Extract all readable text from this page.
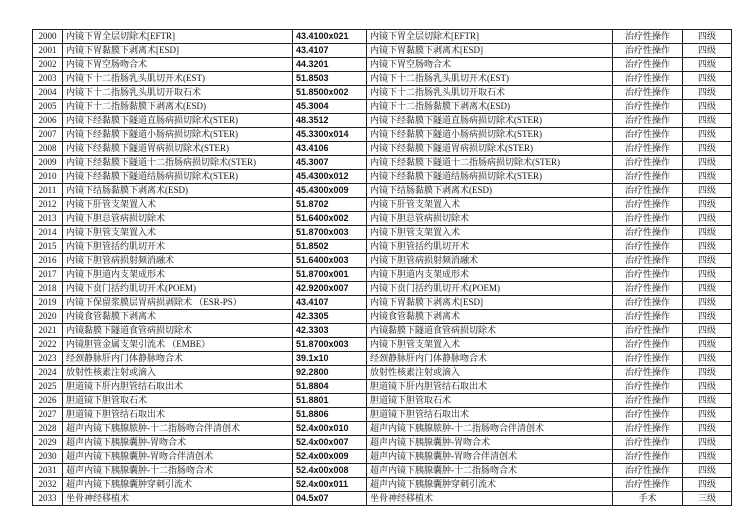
2000	内镜下胃全层切除术[EFTR]	43.4100x021	内镜下胃全层切除术[EFTR]	治疗性操作	四级
2001	内镜下胃黏膜下剥离术[ESD]	43.4107	内镜下胃黏膜下剥离术[ESD]	治疗性操作	四级
2002	内镜下胃空肠吻合术	44.3201	内镜下胃空肠吻合术	治疗性操作	四级
2003	内镜下十二指肠乳头肌切开术(EST)	51.8503	内镜下十二指肠乳头肌切开术(EST)	治疗性操作	四级
2004	内镜下十二指肠乳头肌切开取石术	51.8500x002	内镜下十二指肠乳头肌切开取石术	治疗性操作	四级
2005	内镜下十二指肠黏膜下剥离术(ESD)	45.3004	内镜下十二指肠黏膜下剥离术(ESD)	治疗性操作	四级
2006	内镜下经黏膜下隧道直肠病损切除术(STER)	48.3512	内镜下经黏膜下隧道直肠病损切除术(STER)	治疗性操作	四级
2007	内镜下经黏膜下隧道小肠病损切除术(STER)	45.3300x014	内镜下经黏膜下隧道小肠病损切除术(STER)	治疗性操作	四级
2008	内镜下经黏膜下隧道胃病损切除术(STER)	43.4106	内镜下经黏膜下隧道胃病损切除术(STER)	治疗性操作	四级
2009	内镜下经黏膜下隧道十二指肠病损切除术(STER)	45.3007	内镜下经黏膜下隧道十二指肠病损切除术(STER)	治疗性操作	四级
2010	内镜下经黏膜下隧道结肠病损切除术(STER)	45.4300x012	内镜下经黏膜下隧道结肠病损切除术(STER)	治疗性操作	四级
2011	内镜下结肠黏膜下剥离术(ESD)	45.4300x009	内镜下结肠黏膜下剥离术(ESD)	治疗性操作	四级
2012	内镜下肝管支架置入术	51.8702	内镜下肝管支架置入术	治疗性操作	四级
2013	内镜下胆总管病损切除术	51.6400x002	内镜下胆总管病损切除术	治疗性操作	四级
2014	内镜下胆管支架置入术	51.8700x003	内镜下胆管支架置入术	治疗性操作	四级
2015	内镜下胆管括约肌切开术	51.8502	内镜下胆管括约肌切开术	治疗性操作	四级
2016	内镜下胆管病损射频消融术	51.6400x003	内镜下胆管病损射频消融术	治疗性操作	四级
2017	内镜下胆道内支架成形术	51.8700x001	内镜下胆道内支架成形术	治疗性操作	四级
2018	内镜下贲门括约肌切开术(POEM)	42.9200x007	内镜下贲门括约肌切开术(POEM)	治疗性操作	四级
2019	内镜下保留浆膜层胃病损剥除术 （ESR-PS）	43.4107	内镜下胃黏膜下剥离术[ESD]	治疗性操作	四级
2020	内镜食管黏膜下剥离术	42.3305	内镜食管黏膜下剥离术	治疗性操作	四级
2021	内镜黏膜下隧道食管病损切除术	42.3303	内镜黏膜下隧道食管病损切除术	治疗性操作	四级
2022	内镜胆管金属支架引流术 （EMBE）	51.8700x003	内镜下胆管支架置入术	治疗性操作	四级
2023	经颈静脉肝内门体静脉吻合术	39.1x10	经颈静脉肝内门体静脉吻合术	治疗性操作	四级
2024	放射性核素注射或滴入	92.2800	放射性核素注射或滴入	治疗性操作	四级
2025	胆道镜下肝内胆管结石取出术	51.8804	胆道镜下肝内胆管结石取出术	治疗性操作	四级
2026	胆道镜下胆管取石术	51.8801	胆道镜下胆管取石术	治疗性操作	四级
2027	胆道镜下胆管结石取出术	51.8806	胆道镜下胆管结石取出术	治疗性操作	四级
2028	超声内镜下胰腺脓肿-十二指肠吻合伴清创术	52.4x00x010	超声内镜下胰腺脓肿-十二指肠吻合伴清创术	治疗性操作	四级
2029	超声内镜下胰腺囊肿-胃吻合术	52.4x00x007	超声内镜下胰腺囊肿-胃吻合术	治疗性操作	四级
2030	超声内镜下胰腺囊肿-胃吻合伴清创术	52.4x00x009	超声内镜下胰腺囊肿-胃吻合伴清创术	治疗性操作	四级
2031	超声内镜下胰腺囊肿-十二指肠吻合术	52.4x00x008	超声内镜下胰腺囊肿-十二指肠吻合术	治疗性操作	四级
2032	超声内镜下胰腺囊肿穿刺引流术	52.4x00x011	超声内镜下胰腺囊肿穿刺引流术	治疗性操作	四级
2033	坐骨神经移植术	04.5x07	坐骨神经移植术	手术	三级
